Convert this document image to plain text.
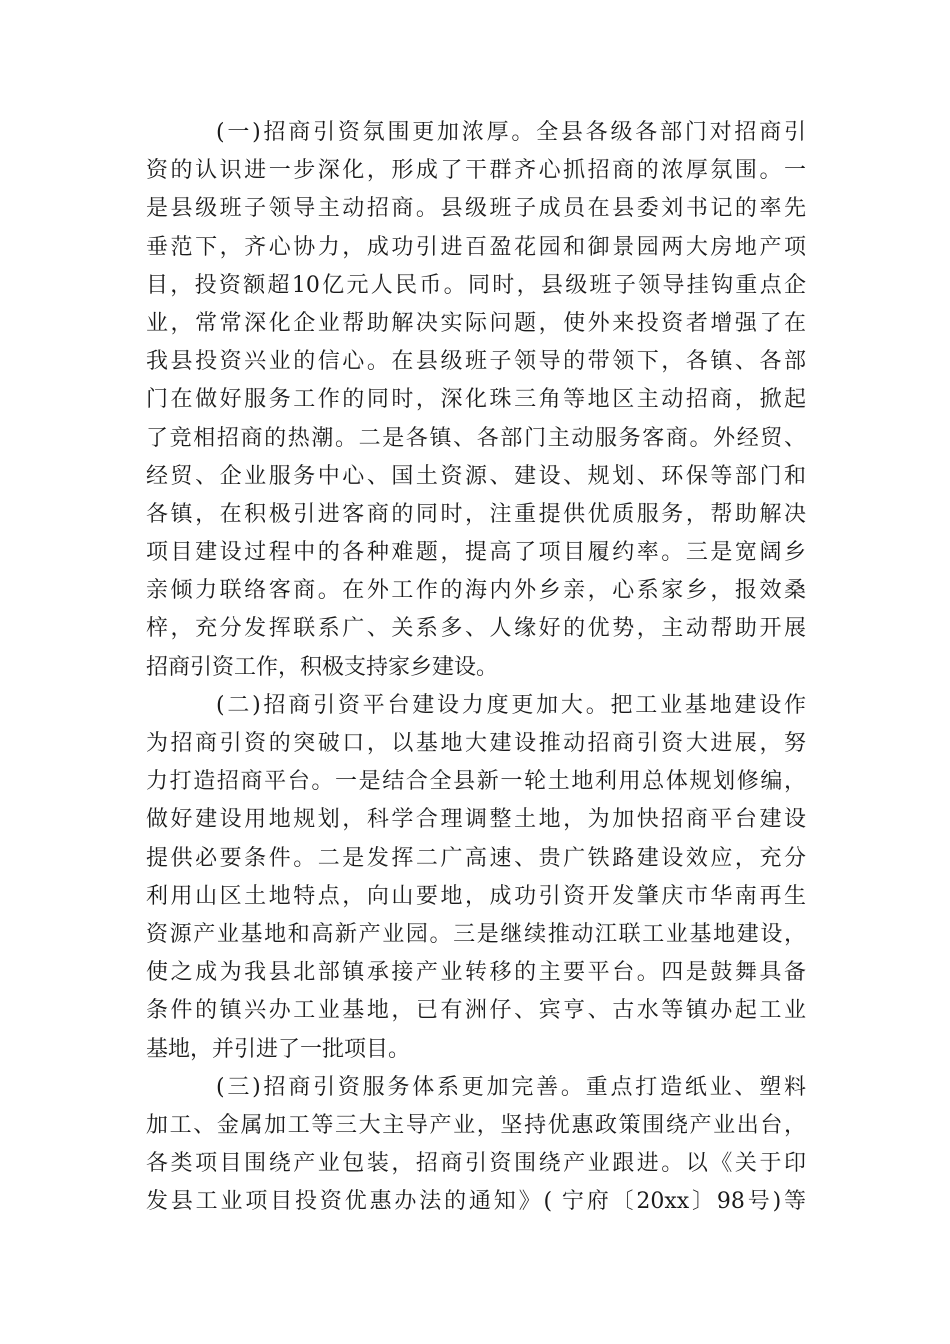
(一)招商引资氛围更加浓厚。全县各级各部门对招商引
资的认识进一步深化，形成了干群齐心抓招商的浓厚氛围。一
是县级班子领导主动招商。县级班子成员在县委刘书记的率先
垂范下，齐心协力，成功引进百盈花园和御景园两大房地产项
目，投资额超10亿元人民币。同时，县级班子领导挂钩重点企
业，常常深化企业帮助解决实际问题，使外来投资者增强了在
我县投资兴业的信心。在县级班子领导的带领下，各镇、各部
门在做好服务工作的同时，深化珠三角等地区主动招商，掀起
了竞相招商的热潮。二是各镇、各部门主动服务客商。外经贸、
经贸、企业服务中心、国土资源、建设、规划、环保等部门和
各镇，在积极引进客商的同时，注重提供优质服务，帮助解决
项目建设过程中的各种难题，提高了项目履约率。三是宽阔乡
亲倾力联络客商。在外工作的海内外乡亲，心系家乡，报效桑
梓，充分发挥联系广、关系多、人缘好的优势，主动帮助开展
招商引资工作，积极支持家乡建设。
(二)招商引资平台建设力度更加大。把工业基地建设作
为招商引资的突破口，以基地大建设推动招商引资大进展，努
力打造招商平台。一是结合全县新一轮土地利用总体规划修编，
做好建设用地规划，科学合理调整土地，为加快招商平台建设
提供必要条件。二是发挥二广高速、贵广铁路建设效应，充分
利用山区土地特点，向山要地，成功引资开发肇庆市华南再生
资源产业基地和高新产业园。三是继续推动江联工业基地建设，
使之成为我县北部镇承接产业转移的主要平台。四是鼓舞具备
条件的镇兴办工业基地，已有洲仔、宾亨、古水等镇办起工业
基地，并引进了一批项目。
(三)招商引资服务体系更加完善。重点打造纸业、塑料
加工、金属加工等三大主导产业，坚持优惠政策围绕产业出台，
各类项目围绕产业包装，招商引资围绕产业跟进。以《关于印
发县工业项目投资优惠办法的通知》( 宁府〔20xx〕98号)等
